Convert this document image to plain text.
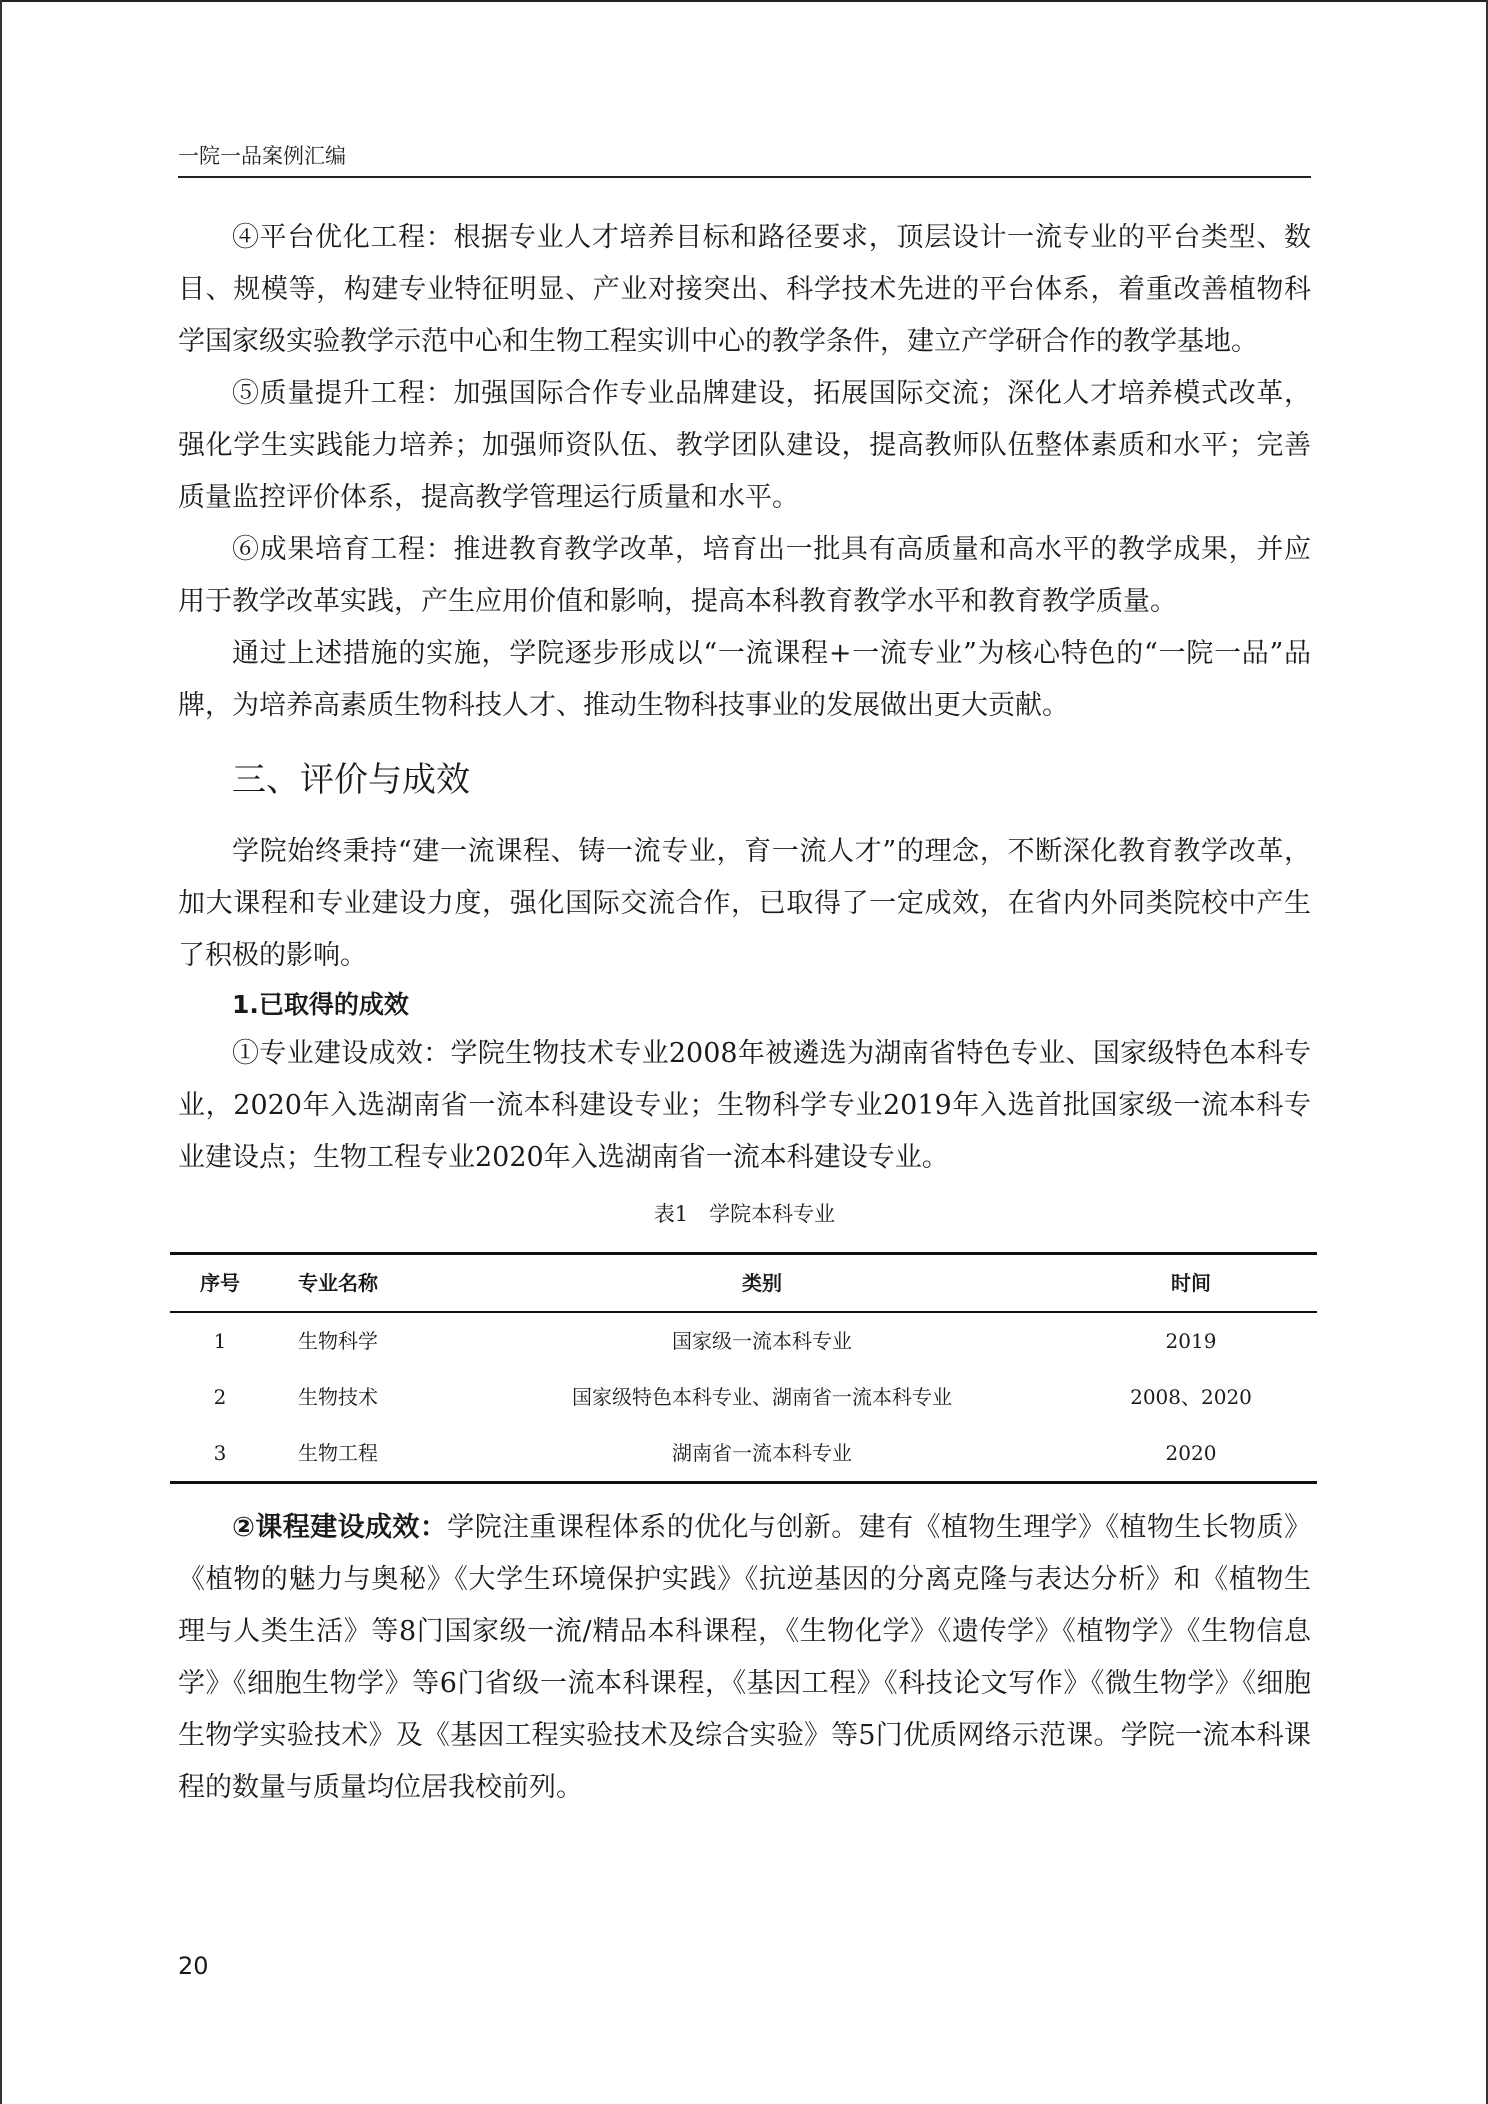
一院一品案例汇编

④平台优化工程：根据专业人才培养目标和路径要求，顶层设计一流专业的平台类型、数目、规模等，构建专业特征明显、产业对接突出、科学技术先进的平台体系，着重改善植物科学国家级实验教学示范中心和生物工程实训中心的教学条件，建立产学研合作的教学基地。

⑤质量提升工程：加强国际合作专业品牌建设，拓展国际交流；深化人才培养模式改革，强化学生实践能力培养；加强师资队伍、教学团队建设，提高教师队伍整体素质和水平；完善质量监控评价体系，提高教学管理运行质量和水平。

⑥成果培育工程：推进教育教学改革，培育出一批具有高质量和高水平的教学成果，并应用于教学改革实践，产生应用价值和影响，提高本科教育教学水平和教育教学质量。

通过上述措施的实施，学院逐步形成以“一流课程+一流专业”为核心特色的“一院一品”品牌，为培养高素质生物科技人才、推动生物科技事业的发展做出更大贡献。

三、评价与成效

学院始终秉持“建一流课程、铸一流专业，育一流人才”的理念，不断深化教育教学改革，加大课程和专业建设力度，强化国际交流合作，已取得了一定成效，在省内外同类院校中产生了积极的影响。

1.已取得的成效

①专业建设成效：学院生物技术专业2008年被遴选为湖南省特色专业、国家级特色本科专业，2020年入选湖南省一流本科建设专业；生物科学专业2019年入选首批国家级一流本科专业建设点；生物工程专业2020年入选湖南省一流本科建设专业。

表1　学院本科专业
序号	专业名称	类别	时间
1	生物科学	国家级一流本科专业	2019
2	生物技术	国家级特色本科专业、湖南省一流本科专业	2008、2020
3	生物工程	湖南省一流本科专业	2020

②课程建设成效：学院注重课程体系的优化与创新。建有《植物生理学》《植物生长物质》《植物的魅力与奥秘》《大学生环境保护实践》《抗逆基因的分离克隆与表达分析》和《植物生理与人类生活》等8门国家级一流/精品本科课程，《生物化学》《遗传学》《植物学》《生物信息学》《细胞生物学》等6门省级一流本科课程，《基因工程》《科技论文写作》《微生物学》《细胞生物学实验技术》及《基因工程实验技术及综合实验》等5门优质网络示范课。学院一流本科课程的数量与质量均位居我校前列。

20
